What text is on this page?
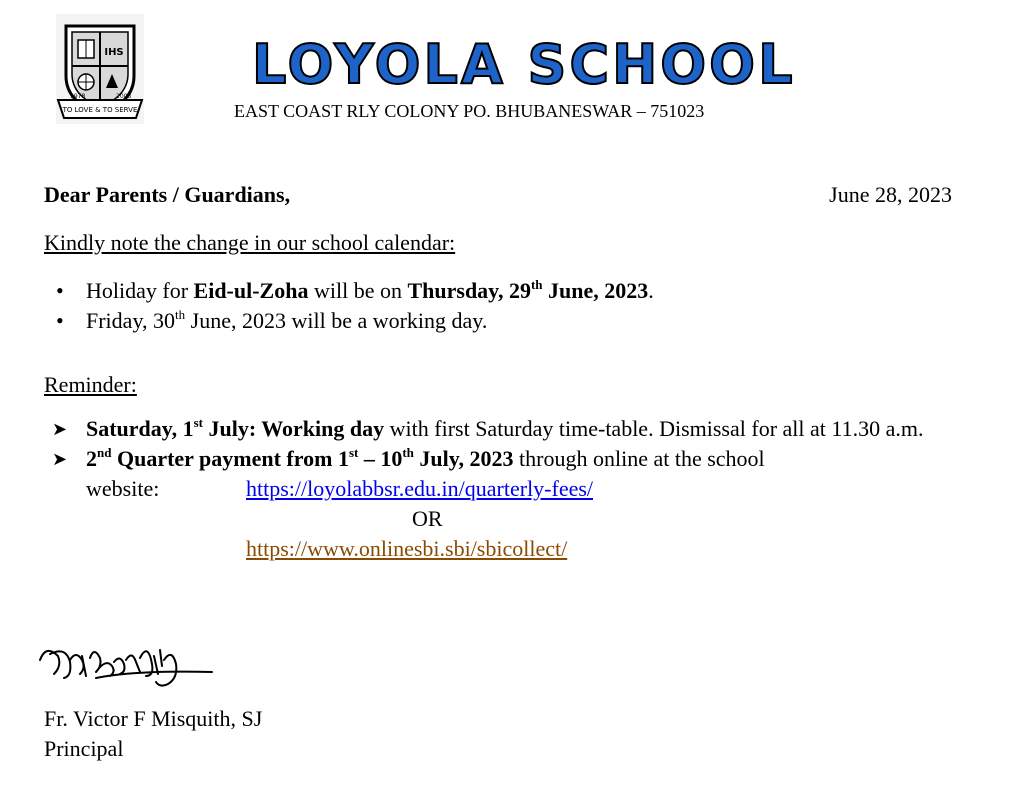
IHS
TO LOVE & TO SERVE
1978	2003
LOYOLA SCHOOL
EAST COAST RLY COLONY PO. BHUBANESWAR – 751023
Dear Parents / Guardians,	June 28, 2023
Kindly note the change in our school calendar:
• Holiday for Eid-ul-Zoha will be on Thursday, 29th June, 2023.
• Friday, 30th June, 2023 will be a working day.
Reminder:
➤ Saturday, 1st July: Working day with first Saturday time-table. Dismissal for all at 11.30 a.m.
➤ 2nd Quarter payment from 1st – 10th July, 2023 through online at the school
website:	https://loyolabbsr.edu.in/quarterly-fees/
OR
https://www.onlinesbi.sbi/sbicollect/
Fr. Victor F Misquith, SJ
Principal
